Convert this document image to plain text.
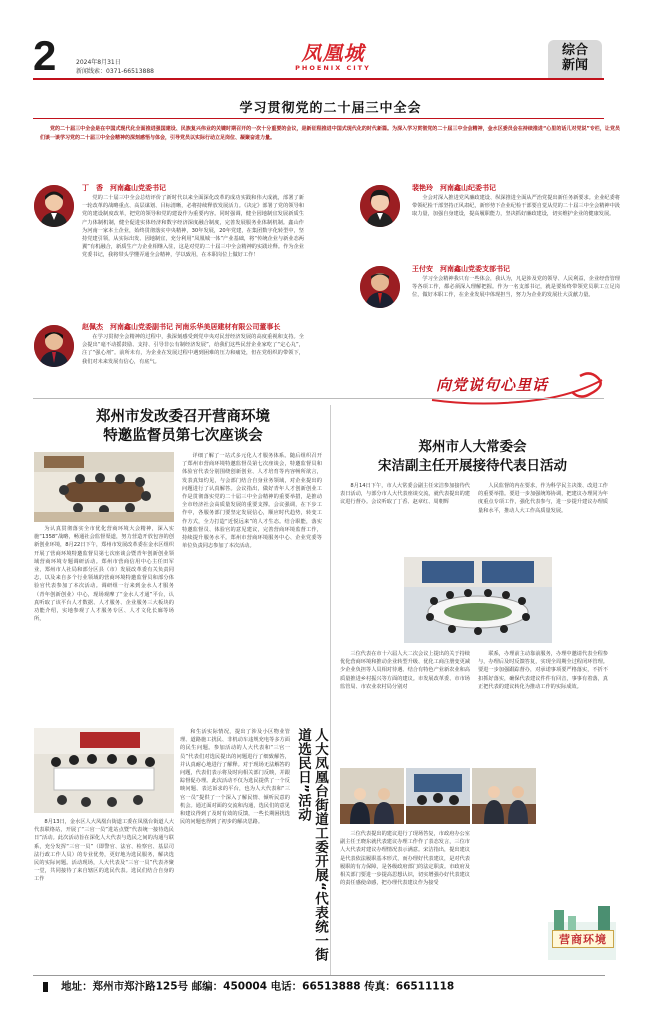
2	2024年8月31日
新闻线索：0371-66513888
凤凰城
PHOENIX CITY
综合
新闻
学习贯彻党的二十届三中全会
党的二十届三中全会是在中国式现代化全面推进强国建设、民族复兴伟业的关键时期召开的一次十分重要的会议，是新征程推进中国式现代化的时代新篇。为深入学习贯彻党的二十届三中全会精神，金水区委员会在持续推进“心里的话儿对党说”专栏，让党员们谈一谈学习党的二十届三中全会精神的深刻感悟与体会，引导党员以实际行动立足岗位、凝聚奋进力量。
丁　香　河南鑫山党委书记

党的二十届三中全会总结评价了新时代以来全面深化改革的成功实践和伟大成就，部署了新一轮改革的战略重点、高层谋划、目标清晰，必将持续释放发展活力。《决定》部署了党的领导和党的建设制度改革，把党的领导和党的建设作为重要内容。同时强调，健全因地制宜发展新质生产力体制机制，健全促进实体经济和数字经济深度融合制度，完善发展服务业体制机制。鑫山作为河南一家本土企业，始终贯彻落实中央精神，30年发展，20年党建，在集团数字化转型中，坚持党建引领，从实际出发、因地制宜，充分利用“凤凰城一体”产业基础，将“传统企业与新业态两翼”有机融合，新质生产力企业相继入驻，这是对党的二十届三中全会精神的实践诠释。作为企业党委书记，我将带头学懂弄通全会精神，学以致用，在本职岗位上做好工作！

赵佩杰　河南鑫山党委副书记 河南乐华美居建材有限公司董事长

在学习贯彻全会精神的过程中，我深刻感受到党中央对民营经济发展的高度重视和支持。全会提出“毫不动摇鼓励、支持、引导非公有制经济发展”，给我们这些民营企业家吃了“定心丸”，注了“强心剂”。前所未有，为企业在发展过程中遇到困难的压力和痛处，但在党组织的带领下，我们对未来发展有信心，有底气。

裴艳玲　河南鑫山纪委书记

全会对深入推进党风廉政建设、纵深推进全面从严治党提出新任务新要求。企业纪委将带领纪检干部坚持正风肃纪，新形势下企业纪检干部要自觉从党的二十届三中全会精神中汲取力量，加强自身建设，提高履职能力，坚决抓好廉政建设，切实维护企业的健康发展。

王付安　河南鑫山党委支部书记

学习全会精神我只有一些体会，我认为，凡是涉及党的领导、人民利益，企业经营管理等各项工作，都必须深入理解把握。作为一名支部书记，就是要始终带领党员职工立足岗位，做好本职工作，在企业发展中体现担当，努力为企业的发展壮大贡献力量。

向党说句心里话
郑州市发改委召开营商环境
特邀监督员第七次座谈会

为认真贯彻落实全市优化营商环境大会精神，深入实施“1358”战略，畅通社会监督渠道，努力营造开放包容的创新创业环境，8月22日下午，郑州市发展改革委在金水区组织开展了营商环境特邀监督员第七次座谈会暨青年创新创业领域营商环境专题调研活动。郑州市营商信用中心主任田军业，郑州市人社局和部分区县（市）发展改革委有关负责同志，以及来自多个行业领域的营商环境特邀监督员和部分体验官代表参加了本次活动。调研组一行来到金水人才服务（青年创新创业）中心，现场观摩了“金水人才通”平台，认真听取了该平台人才数据、人才服务、企业服务三大板块的功能介绍，实地参观了人才服务专区、人才文化长廊等场所，

详细了解了一站式多元化人才服务体系。随后组织召开了郑州市营商环境特邀监督员第七次座谈会，特邀监督员和体验官代表分别围绕创新创业、人才培育等内容畅所欲言，发表真知灼见，与会部门结合自身业务领域，对企业提出的问题进行了认真解答。会议指出，做好青年人才创新创业工作是贯彻落实党的二十届三中全会精神的重要举措，是推动全市经济社会高质量发展的重要支撑。会议强调，在下步工作中，各服务部门要坚定发展信心，顺应时代趋势，转变工作方式，全力打造“近悦远来”的人才生态。结合职能，落实特邀监督员、体验官的意见建议，完善营商环境监督工作，持续提升服务水平。郑州市营商环境服务中心、企业党委等单位负责同志参加了本次活动。

郑州市人大常委会
宋洁副主任开展接待代表日活动

8月14日下午，市人大常委会副主任宋洁参加接待代表日活动，与部分市人大代表座谈交流，就代表提出的建议进行督办。会议听取了丁香、赵章红、周朝辉

人民监督的内在要求，作为科学民主决策、改进工作的重要举措。要进一步加强统筹协调，把建议办理同为年度重点专项工作，强化代表参与，进一步提升建议办理质量和水平，推动人大工作高质量发展。

三位代表在市十六届人大二次会议上提出的关于持续优化营商环境和推动企业转型升级、优化工商注册变更减少企业负担等人员相对待遇、结合有特色产业新农业和高质量推进乡村振兴等方面的建议。市发展改革委、市市场监管局、市农业农村局分别对

联系，办理前主动靠前服务，办理中邀请代表全程参与，办理后及时反馈答复，实现全周期全过程闭环管理。要进一步加强跟踪督办，对承诺事项要严格落实，不折不扣抓好落实，确保代表建议件件有回音，事事有着落，真正把代表的建议转化为推动工作的实际成效。

三位代表提出的建议进行了现场答复，市政府办公室副主任王晓东就代表建议办理工作作了表态发言，三位市人大代表对建议办理情况表示满意。宋洁指出，提出建议是代表依法履职基本形式，而办理好代表建议，是对代表履职的有力保障，是各级政府部门的法定职责。市政府及相关部门要进一步提高思想认识，切实增强办好代表建议的责任感使命感，把办理代表建议作为接受

人大凤凰台街道工委开展“代表统一街道选民日”活动

8月13日，金水区人大凤凰台街道工委在凤凰台街道人大代表联络站，开展了“三官一员”进站点暨“代表统一接待选民日”活动。此次活动旨在深化人大代表与选民之间的沟通与联系，充分发挥“三官一员”（即警官、法官、检察官、基层司法行政工作人员）的专业优势，更好地为选民服务，解决选民的实际问题。活动现场，人大代表及“三官一员”代表齐聚一堂，共同接待了来自辖区的选民代表。选民们结合自身的工作

和生活实际情况，提出了涉及小区物业管理、道路施工扰民、非机动车违规充电等多方面的民生问题。参加活动的人大代表和“三官一员”代表们对选民提出的问题进行了细致解答，并认真耐心地进行了解释。对于现场无法解答的问题，代表们表示将及时向相关部门反映，并跟踪督促办理。此次活动不仅为选民提供了一个反映问题、表达诉求的平台，也为人大代表和“三官一员”提供了一个深入了解民情、倾听民意的机会。通过面对面的交流和沟通，选民们的意见和建议得到了及时有效的反馈，一些长期困扰选民的问题也得到了初步的解决思路。

营商环境
地址：郑州市郑汴路125号 邮编：450004 电话：66513888 传真：66511118
